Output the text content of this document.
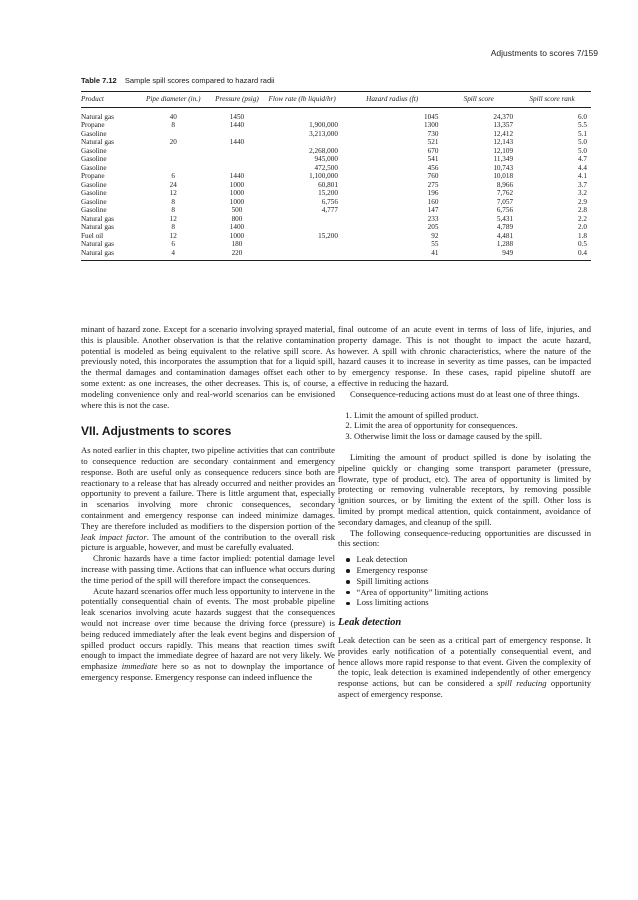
Adjustments to scores 7/159
Table 7.12 Sample spill scores compared to hazard radii
Product	Pipe diameter (in.)	Pressure (psig)	Flow rate (lb liquid/hr)	Hazard radius (ft)	Spill score	Spill score rank
Natural gas	40	1450		1045	24,370	6.0
Propane	8	1440	1,900,000	1300	13,357	5.5
Gasoline			3,213,000	730	12,412	5.1
Natural gas	20	1440		521	12,143	5.0
Gasoline			2,268,000	670	12,109	5.0
Gasoline			945,000	541	11,349	4.7
Gasoline			472,500	456	10,743	4.4
Propane	6	1440	1,100,000	760	10,018	4.1
Gasoline	24	1000	60,801	275	8,966	3.7
Gasoline	12	1000	15,200	196	7,762	3.2
Gasoline	8	1000	6,756	160	7,057	2.9
Gasoline	8	500	4,777	147	6,756	2.8
Natural gas	12	800		233	5,431	2.2
Natural gas	8	1400		205	4,789	2.0
Fuel oil	12	1000	15,200	92	4,481	1.8
Natural gas	6	180		55	1,288	0.5
Natural gas	4	220		41	949	0.4

minant of hazard zone. Except for a scenario involving sprayed material, this is plausible. Another observation is that the relative contamination potential is modeled as being equivalent to the relative spill score. As previously noted, this incorporates the assumption that for a liquid spill, the thermal damages and contamination damages offset each other to some extent: as one increases, the other decreases. This is, of course, a modeling convenience only and real-world scenarios can be envisioned where this is not the case.

VII. Adjustments to scores

As noted earlier in this chapter, two pipeline activities that can contribute to consequence reduction are secondary containment and emergency response. Both are useful only as consequence reducers since both are reactionary to a release that has already occurred and neither provides an opportunity to prevent a failure. There is little argument that, especially in scenarios involving more chronic consequences, secondary containment and emergency response can indeed minimize damages. They are therefore included as modifiers to the dispersion portion of the leak impact factor. The amount of the contribution to the overall risk picture is arguable, however, and must be carefully evaluated.

Chronic hazards have a time factor implied: potential damage level increase with passing time. Actions that can influence what occurs during the time period of the spill will therefore impact the consequences.

Acute hazard scenarios offer much less opportunity to intervene in the potentially consequential chain of events. The most probable pipeline leak scenarios involving acute hazards suggest that the consequences would not increase over time because the driving force (pressure) is being reduced immediately after the leak event begins and dispersion of spilled product occurs rapidly. This means that reaction times swift enough to impact the immediate degree of hazard are not very likely. We emphasize immediate here so as not to downplay the importance of emergency response. Emergency response can indeed influence the

final outcome of an acute event in terms of loss of life, injuries, and property damage. This is not thought to impact the acute hazard, however. A spill with chronic characteristics, where the nature of the hazard causes it to increase in severity as time passes, can be impacted by emergency response. In these cases, rapid pipeline shutoff are effective in reducing the hazard.

Consequence-reducing actions must do at least one of three things.

1. Limit the amount of spilled product.
2. Limit the area of opportunity for consequences.
3. Otherwise limit the loss or damage caused by the spill.

Limiting the amount of product spilled is done by isolating the pipeline quickly or changing some transport parameter (pressure, flowrate, type of product, etc). The area of opportunity is limited by protecting or removing vulnerable receptors, by removing possible ignition sources, or by limiting the extent of the spill. Other loss is limited by prompt medical attention, quick containment, avoidance of secondary damages, and cleanup of the spill.

The following consequence-reducing opportunities are discussed in this section:

Leak detection
Emergency response
Spill limiting actions
“Area of opportunity” limiting actions
Loss limiting actions
Leak detection

Leak detection can be seen as a critical part of emergency response. It provides early notification of a potentially consequential event, and hence allows more rapid response to that event. Given the complexity of the topic, leak detection is examined independently of other emergency response actions, but can be considered a spill reducing opportunity aspect of emergency response.
